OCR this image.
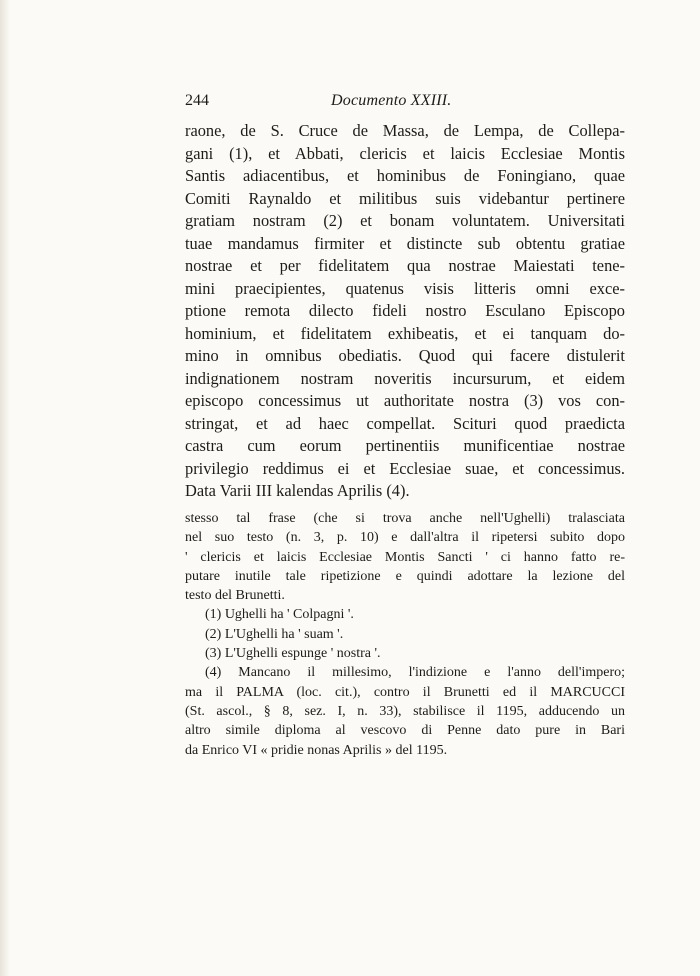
244	Documento XXIII.
raone, de S. Cruce de Massa, de Lempa, de Collepa-
gani (1), et Abbati, clericis et laicis Ecclesiae Montis
Santis adiacentibus, et hominibus de Foningiano, quae
Comiti Raynaldo et militibus suis videbantur pertinere
gratiam nostram (2) et bonam voluntatem. Universitati
tuae mandamus firmiter et distincte sub obtentu gratiae
nostrae et per fidelitatem qua nostrae Maiestati tene-
mini praecipientes, quatenus visis litteris omni exce-
ptione remota dilecto fideli nostro Esculano Episcopo
hominium, et fidelitatem exhibeatis, et ei tanquam do-
mino in omnibus obediatis. Quod qui facere distulerit
indignationem nostram noveritis incursurum, et eidem
episcopo concessimus ut authoritate nostra (3) vos con-
stringat, et ad haec compellat. Scituri quod praedicta
castra cum eorum pertinentiis munificentiae nostrae
privilegio reddimus ei et Ecclesiae suae, et concessimus.
Data Varii III kalendas Aprilis (4).
stesso tal frase (che si trova anche nell'Ughelli) tralasciata
nel suo testo (n. 3, p. 10) e dall'altra il ripetersi subito dopo
' clericis et laicis Ecclesiae Montis Sancti ' ci hanno fatto re-
putare inutile tale ripetizione e quindi adottare la lezione del
testo del Brunetti.
(1) Ughelli ha ' Colpagni '.
(2) L'Ughelli ha ' suam '.
(3) L'Ughelli espunge ' nostra '.
(4) Mancano il millesimo, l'indizione e l'anno dell'impero;
ma il PALMA (loc. cit.), contro il Brunetti ed il MARCUCCI
(St. ascol., § 8, sez. I, n. 33), stabilisce il 1195, adducendo un
altro simile diploma al vescovo di Penne dato pure in Bari
da Enrico VI « pridie nonas Aprilis » del 1195.
